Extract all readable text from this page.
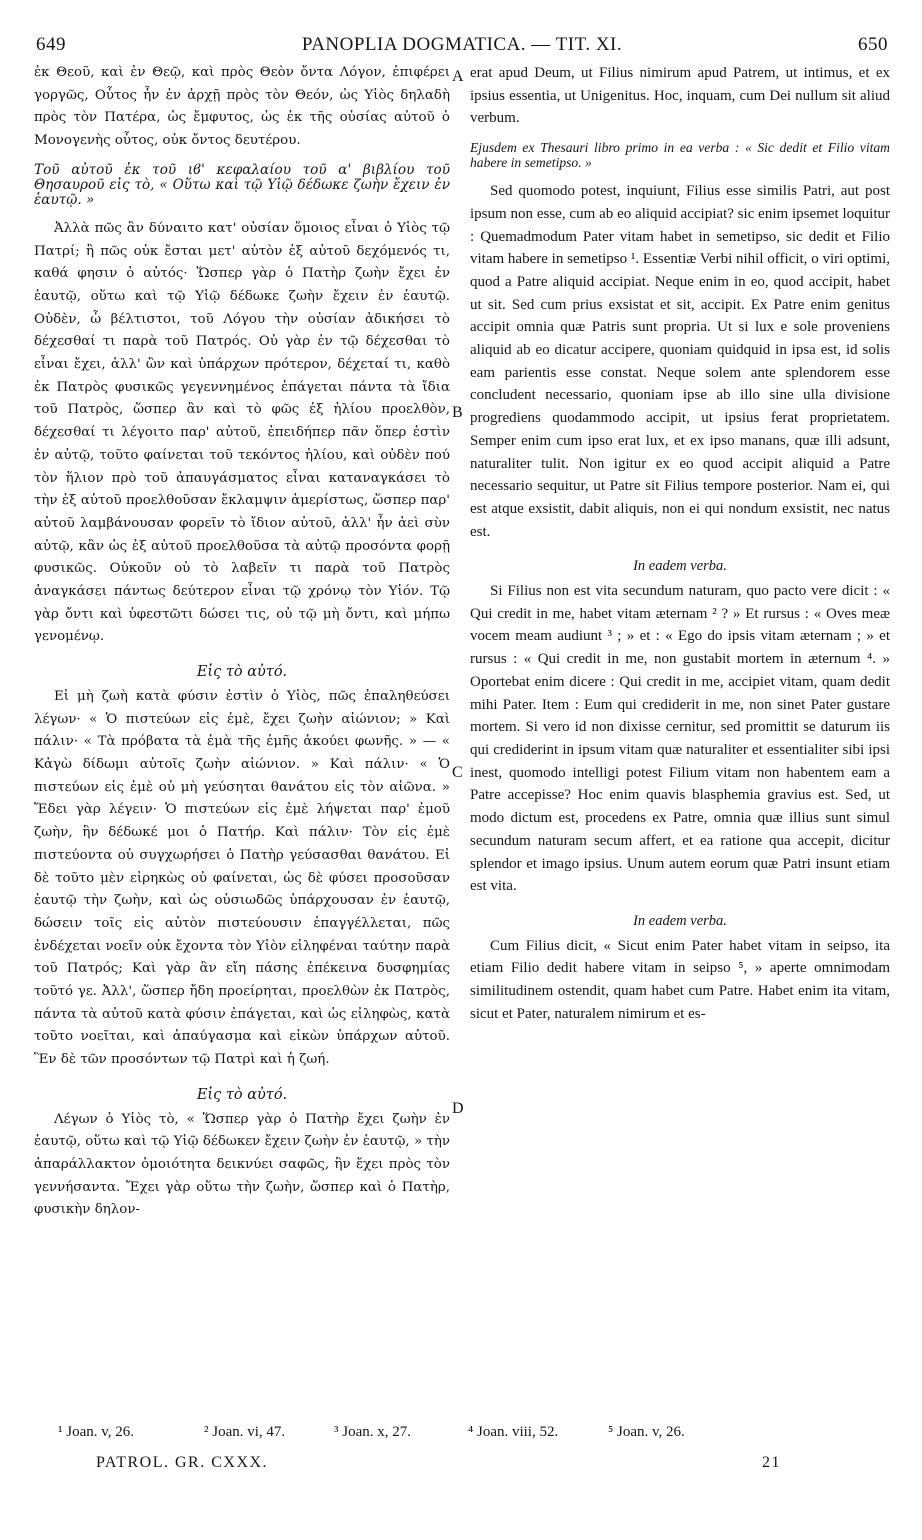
649	PANOPLIA DOGMATICA. — TIT. XI.	650
A
B
C
D

ἐκ Θεοῦ, καὶ ἐν Θεῷ, καὶ πρὸς Θεὸν ὄντα Λόγον, ἐπιφέρει γοργῶς, Οὗτος ἦν ἐν ἀρχῇ πρὸς τὸν Θεόν, ὡς Υἱὸς δηλαδὴ πρὸς τὸν Πατέρα, ὡς ἔμφυτος, ὡς ἐκ τῆς οὐσίας αὐτοῦ ὁ Μονογενὴς οὗτος, οὐκ ὄντος δευτέρου.

Τοῦ αὐτοῦ ἐκ τοῦ ιϐ' κεφαλαίου τοῦ α' βιβλίου τοῦ Θησαυροῦ εἰς τὸ, « Οὕτω καὶ τῷ Υἱῷ δέδωκε ζωὴν ἔχειν ἐν ἑαυτῷ. »

Ἀλλὰ πῶς ἂν δύναιτο κατ' οὐσίαν ὅμοιος εἶναι ὁ Υἱὸς τῷ Πατρί; ἢ πῶς οὐκ ἔσται μετ' αὐτὸν ἐξ αὐτοῦ δεχόμενός τι, καθά φησιν ὁ αὐτός· Ὥσπερ γὰρ ὁ Πατὴρ ζωὴν ἔχει ἐν ἑαυτῷ, οὕτω καὶ τῷ Υἱῷ δέδωκε ζωὴν ἔχειν ἐν ἑαυτῷ. Οὐδὲν, ὦ βέλτιστοι, τοῦ Λόγου τὴν οὐσίαν ἀδικήσει τὸ δέχεσθαί τι παρὰ τοῦ Πατρός. Οὐ γὰρ ἐν τῷ δέχεσθαι τὸ εἶναι ἔχει, ἀλλ' ὢν καὶ ὑπάρχων πρότερον, δέχεταί τι, καθὸ ἐκ Πατρὸς φυσικῶς γεγεννημένος ἐπάγεται πάντα τὰ ἴδια τοῦ Πατρὸς, ὥσπερ ἂν καὶ τὸ φῶς ἐξ ἡλίου προελθὸν, δέχεσθαί τι λέγοιτο παρ' αὐτοῦ, ἐπειδήπερ πᾶν ὅπερ ἐστὶν ἐν αὐτῷ, τοῦτο φαίνεται τοῦ τεκόντος ἡλίου, καὶ οὐδὲν πού τὸν ἥλιον πρὸ τοῦ ἀπαυγάσματος εἶναι καταναγκάσει τὸ τὴν ἐξ αὐτοῦ προελθοῦσαν ἔκλαμψιν ἀμερίστως, ὥσπερ παρ' αὐτοῦ λαμβάνουσαν φορεῖν τὸ ἴδιον αὐτοῦ, ἀλλ' ἦν ἀεὶ σὺν αὐτῷ, κἂν ὡς ἐξ αὐτοῦ προελθοῦσα τὰ αὐτῷ προσόντα φορῇ φυσικῶς. Οὐκοῦν οὐ τὸ λαβεῖν τι παρὰ τοῦ Πατρὸς ἀναγκάσει πάντως δεύτερον εἶναι τῷ χρόνῳ τὸν Υἱόν. Τῷ γὰρ ὄντι καὶ ὑφεστῶτι δώσει τις, οὐ τῷ μὴ ὄντι, καὶ μήπω γενομένῳ.

Εἰς τὸ αὐτό.

Εἰ μὴ ζωὴ κατὰ φύσιν ἐστὶν ὁ Υἱὸς, πῶς ἐπαληθεύσει λέγων· « Ὁ πιστεύων εἰς ἐμὲ, ἔχει ζωὴν αἰώνιον; » Καὶ πάλιν· « Τὰ πρόβατα τὰ ἐμὰ τῆς ἐμῆς ἀκούει φωνῆς. » — « Κἀγὼ δίδωμι αὐτοῖς ζωὴν αἰώνιον. » Καὶ πάλιν· « Ὁ πιστεύων εἰς ἐμὲ οὐ μὴ γεύσηται θανάτου εἰς τὸν αἰῶνα. » Ἔδει γὰρ λέγειν· Ὁ πιστεύων εἰς ἐμὲ λήψεται παρ' ἐμοῦ ζωὴν, ἣν δέδωκέ μοι ὁ Πατήρ. Καὶ πάλιν· Τὸν εἰς ἐμὲ πιστεύοντα οὐ συγχωρήσει ὁ Πατὴρ γεύσασθαι θανάτου. Εἰ δὲ τοῦτο μὲν εἰρηκὼς οὐ φαίνεται, ὡς δὲ φύσει προσοῦσαν ἑαυτῷ τὴν ζωὴν, καὶ ὡς οὐσιωδῶς ὑπάρχουσαν ἐν ἑαυτῷ, δώσειν τοῖς εἰς αὐτὸν πιστεύουσιν ἐπαγγέλλεται, πῶς ἐνδέχεται νοεῖν οὐκ ἔχοντα τὸν Υἱὸν εἰληφέναι ταύτην παρὰ τοῦ Πατρός; Καὶ γὰρ ἂν εἴη πάσης ἐπέκεινα δυσφημίας τοῦτό γε. Ἀλλ', ὥσπερ ἤδη προείρηται, προελθὼν ἐκ Πατρὸς, πάντα τὰ αὐτοῦ κατὰ φύσιν ἐπάγεται, καὶ ὡς εἰληφὼς, κατὰ τοῦτο νοεῖται, καὶ ἀπαύγασμα καὶ εἰκὼν ὑπάρχων αὐτοῦ. Ἓν δὲ τῶν προσόντων τῷ Πατρὶ καὶ ἡ ζωή.

Εἰς τὸ αὐτό.

Λέγων ὁ Υἱὸς τὸ, « Ὥσπερ γὰρ ὁ Πατὴρ ἔχει ζωὴν ἐν ἑαυτῷ, οὕτω καὶ τῷ Υἱῷ δέδωκεν ἔχειν ζωὴν ἐν ἑαυτῷ, » τὴν ἀπαράλλακτον ὁμοιότητα δεικνύει σαφῶς, ἣν ἔχει πρὸς τὸν γεννήσαντα. Ἔχει γὰρ οὕτω τὴν ζωὴν, ὥσπερ καὶ ὁ Πατὴρ, φυσικὴν δηλον-

erat apud Deum, ut Filius nimirum apud Patrem, ut intimus, et ex ipsius essentia, ut Unigenitus. Hoc, inquam, cum Dei nullum sit aliud verbum.

Ejusdem ex Thesauri libro primo in ea verba : « Sic dedit et Filio vitam habere in semetipso. »

Sed quomodo potest, inquiunt, Filius esse similis Patri, aut post ipsum non esse, cum ab eo aliquid accipiat? sic enim ipsemet loquitur : Quemadmodum Pater vitam habet in semetipso, sic dedit et Filio vitam habere in semetipso ¹. Essentiæ Verbi nihil officit, o viri optimi, quod a Patre aliquid accipiat. Neque enim in eo, quod accipit, habet ut sit. Sed cum prius exsistat et sit, accipit. Ex Patre enim genitus accipit omnia quæ Patris sunt propria. Ut si lux e sole proveniens aliquid ab eo dicatur accipere, quoniam quidquid in ipsa est, id solis eam parientis esse constat. Neque solem ante splendorem esse concludent necessario, quoniam ipse ab illo sine ulla divisione progrediens quodammodo accipit, ut ipsius ferat proprietatem. Semper enim cum ipso erat lux, et ex ipso manans, quæ illi adsunt, naturaliter tulit. Non igitur ex eo quod accipit aliquid a Patre necessario sequitur, ut Patre sit Filius tempore posterior. Nam ei, qui est atque exsistit, dabit aliquis, non ei qui nondum exsistit, nec natus est.

In eadem verba.

Si Filius non est vita secundum naturam, quo pacto vere dicit : « Qui credit in me, habet vitam æternam ² ? » Et rursus : « Oves meæ vocem meam audiunt ³ ; » et : « Ego do ipsis vitam æternam ; » et rursus : « Qui credit in me, non gustabit mortem in æternum ⁴. » Oportebat enim dicere : Qui credit in me, accipiet vitam, quam dedit mihi Pater. Item : Eum qui crediderit in me, non sinet Pater gustare mortem. Si vero id non dixisse cernitur, sed promittit se daturum iis qui crediderint in ipsum vitam quæ naturaliter et essentialiter sibi ipsi inest, quomodo intelligi potest Filium vitam non habentem eam a Patre accepisse? Hoc enim quavis blasphemia gravius est. Sed, ut modo dictum est, procedens ex Patre, omnia quæ illius sunt simul secundum naturam secum affert, et ea ratione qua accepit, dicitur splendor et imago ipsius. Unum autem eorum quæ Patri insunt etiam est vita.

In eadem verba.

Cum Filius dicit, « Sicut enim Pater habet vitam in seipso, ita etiam Filio dedit habere vitam in seipso ⁵, » aperte omnimodam similitudinem ostendit, quam habet cum Patre. Habet enim ita vitam, sicut et Pater, naturalem nimirum et es-

¹ Joan. v, 26.	² Joan. vi, 47.	³ Joan. x, 27.	⁴ Joan. viii, 52.	⁵ Joan. v, 26.
PATROL. GR. CXXX.	21
